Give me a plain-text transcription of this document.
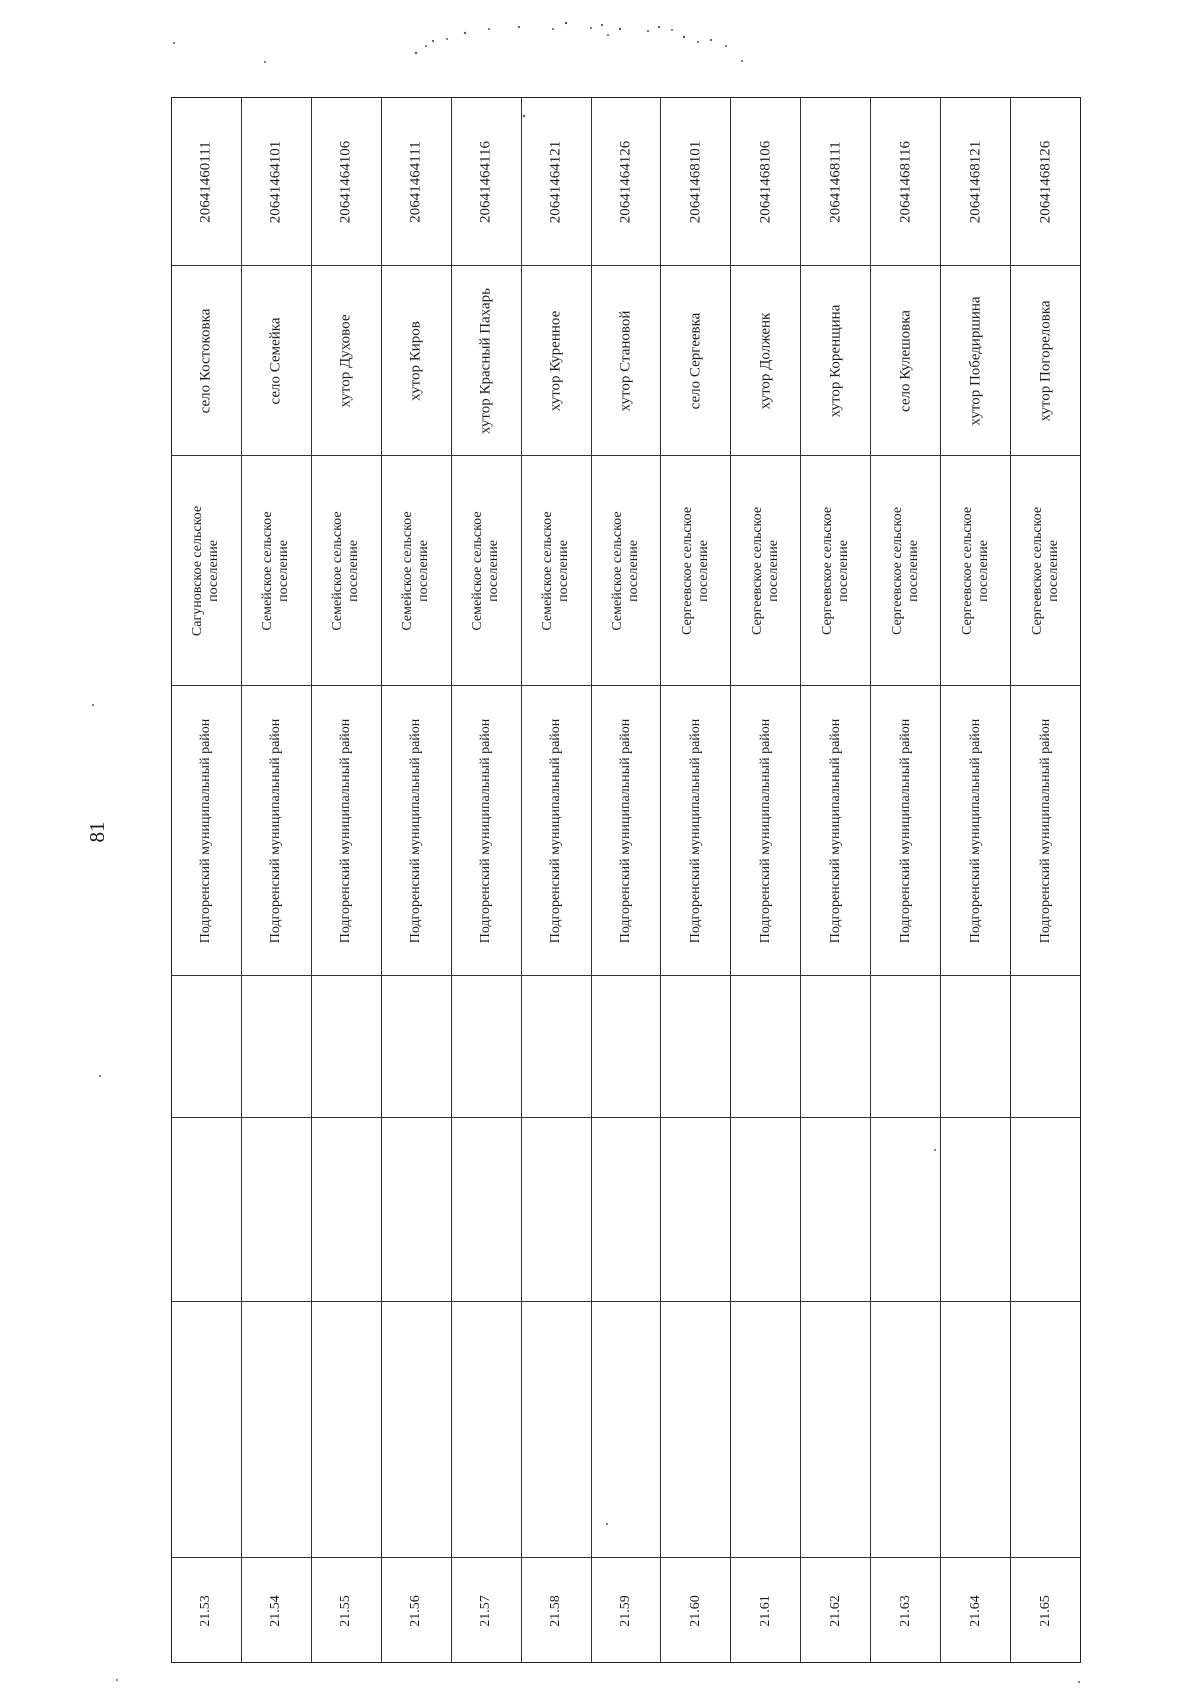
81
20641460111
село Костоковка
Сагуновское сельское поселение
Подгоренский муниципальный район
21.53
20641464101
село Семейка
Семейское сельское поселение
Подгоренский муниципальный район
21.54
20641464106
хутор Духовое
Семейское сельское поселение
Подгоренский муниципальный район
21.55
20641464111
хутор Киров
Семейское сельское поселение
Подгоренский муниципальный район
21.56
20641464116
хутор Красный Пахарь
Семейское сельское поселение
Подгоренский муниципальный район
21.57
20641464121
хутор Куренное
Семейское сельское поселение
Подгоренский муниципальный район
21.58
20641464126
хутор Становой
Семейское сельское поселение
Подгоренский муниципальный район
21.59
20641468101
село Сергеевка
Сергеевское сельское поселение
Подгоренский муниципальный район
21.60
20641468106
хутор Долженк
Сергеевское сельское поселение
Подгоренский муниципальный район
21.61
20641468111
хутор Коренщина
Сергеевское сельское поселение
Подгоренский муниципальный район
21.62
20641468116
село Кулешовка
Сергеевское сельское поселение
Подгоренский муниципальный район
21.63
20641468121
хутор Победиршина
Сергеевское сельское поселение
Подгоренский муниципальный район
21.64
20641468126
хутор Погореловка
Сергеевское сельское поселение
Подгоренский муниципальный район
21.65
